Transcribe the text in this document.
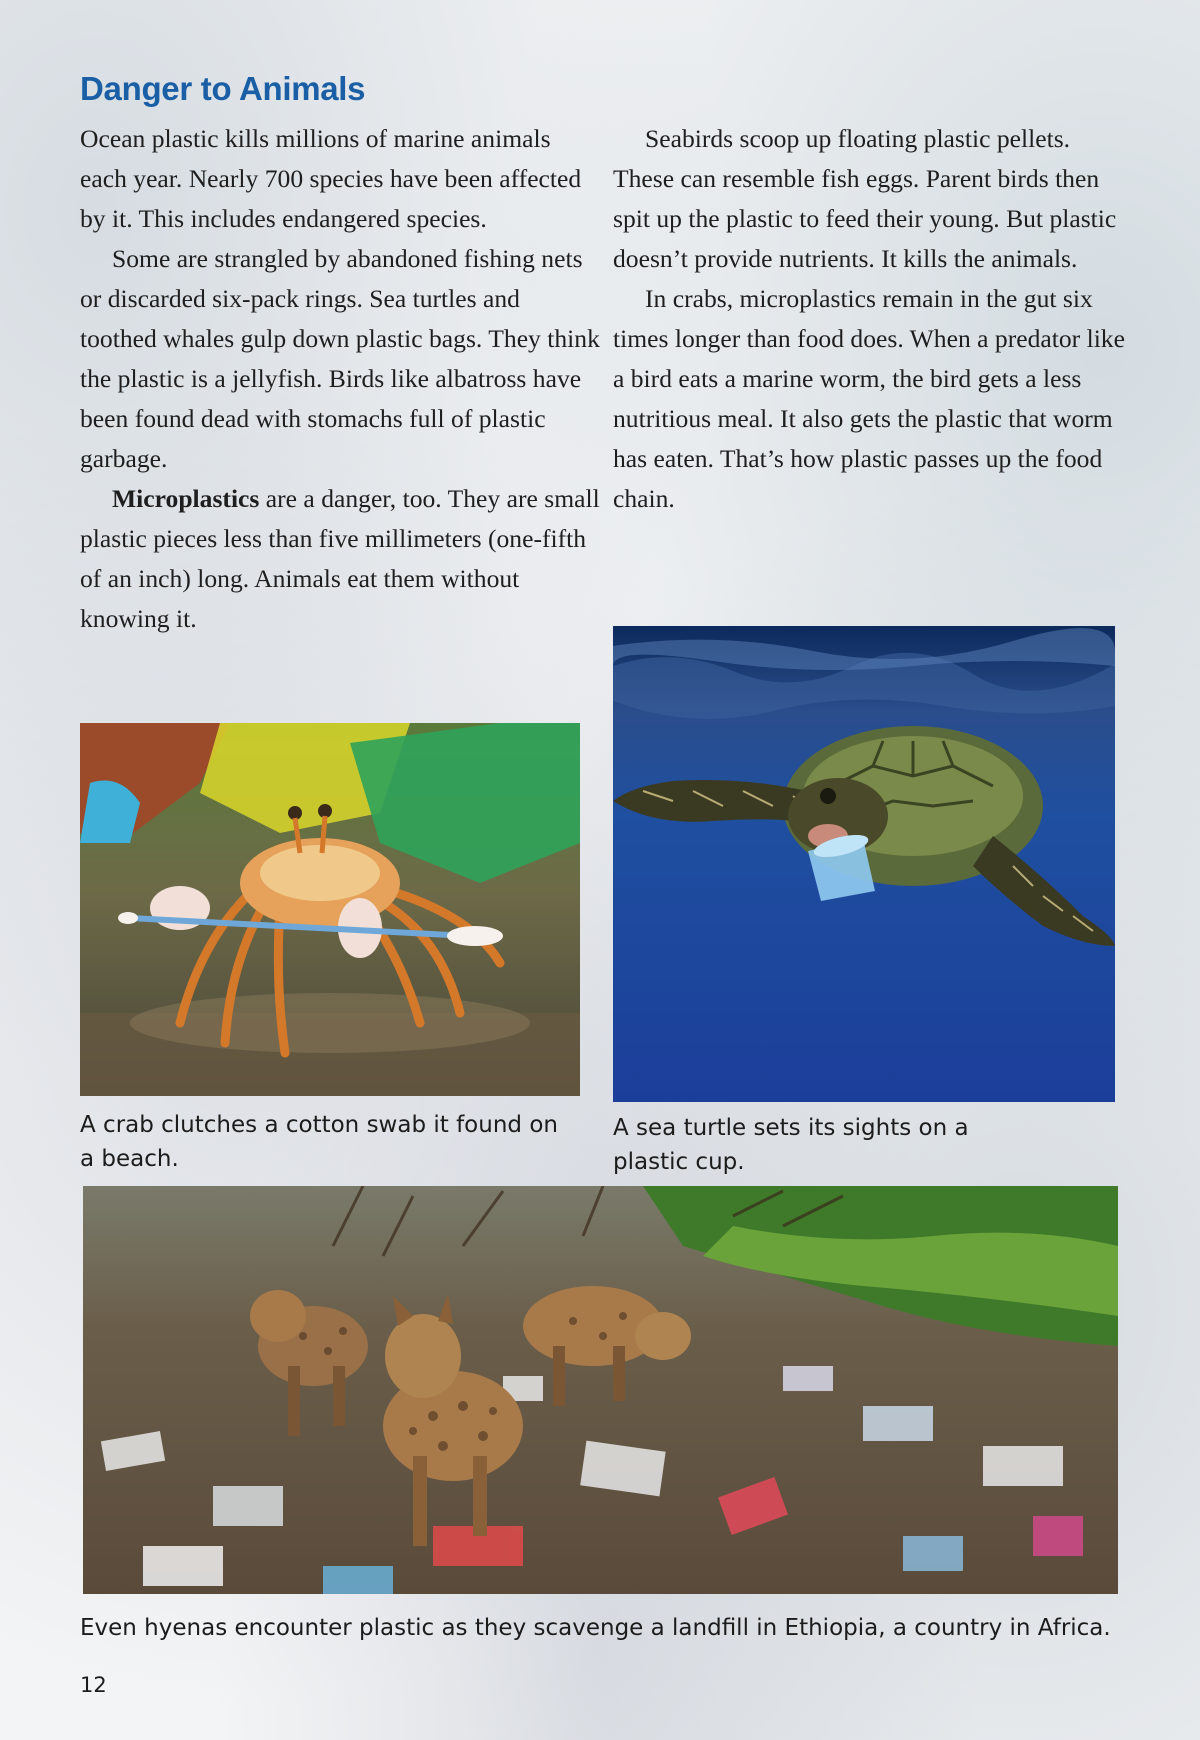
Danger to Animals

Ocean plastic kills millions of marine animals each year. Nearly 700 species have been affected by it. This includes endangered species.

Some are strangled by abandoned fishing nets or discarded six-pack rings. Sea turtles and toothed whales gulp down plastic bags. They think the plastic is a jellyfish. Birds like albatross have been found dead with stomachs full of plastic garbage.

Microplastics are a danger, too. They are small plastic pieces less than five millimeters (one-fifth of an inch) long. Animals eat them without knowing it.

Seabirds scoop up floating plastic pellets. These can resemble fish eggs. Parent birds then spit up the plastic to feed their young. But plastic doesn’t provide nutrients. It kills the animals.

In crabs, microplastics remain in the gut six times longer than food does. When a predator like a bird eats a marine worm, the bird gets a less nutritious meal. It also gets the plastic that worm has eaten. That’s how plastic passes up the food chain.

A crab clutches a cotton swab it found on a beach.

A sea turtle sets its sights on a plastic cup.

Even hyenas encounter plastic as they scavenge a landfill in Ethiopia, a country in Africa.

12
